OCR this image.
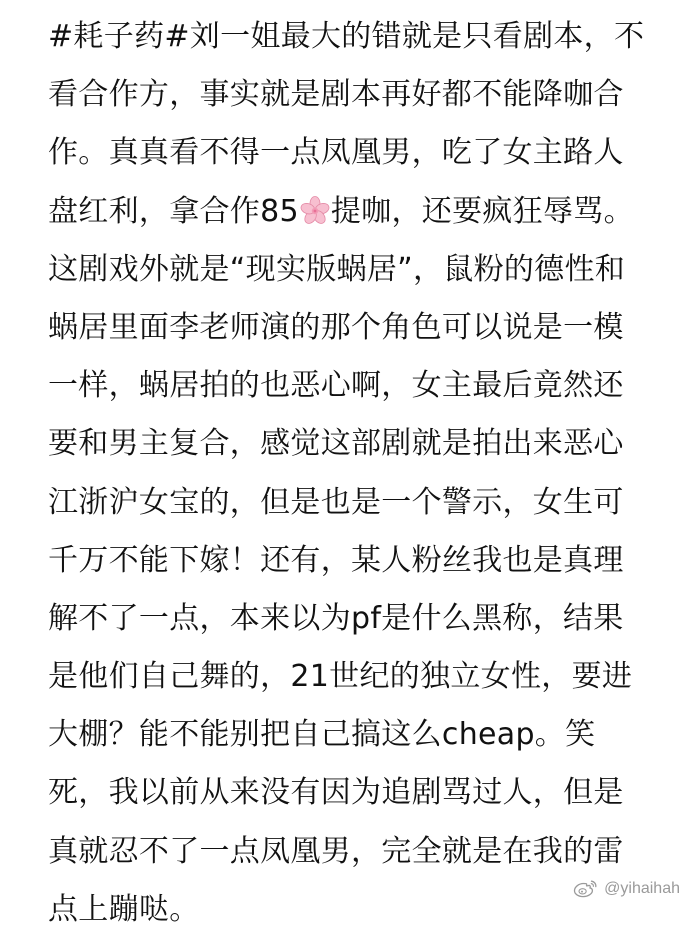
#耗子药#刘一姐最大的错就是只看剧本，不
看合作方，事实就是剧本再好都不能降咖合
作。真真看不得一点凤凰男，吃了女主路人
盘红利，拿合作85 提咖，还要疯狂辱骂。
这剧戏外就是“现实版蜗居”，鼠粉的德性和
蜗居里面李老师演的那个角色可以说是一模
一样，蜗居拍的也恶心啊，女主最后竟然还
要和男主复合，感觉这部剧就是拍出来恶心
江浙沪女宝的，但是也是一个警示，女生可
千万不能下嫁！还有，某人粉丝我也是真理
解不了一点，本来以为pf是什么黑称，结果
是他们自己舞的，21世纪的独立女性，要进
大棚？能不能别把自己搞这么cheap。笑
死，我以前从来没有因为追剧骂过人，但是
真就忍不了一点凤凰男，完全就是在我的雷
点上蹦哒。
@yihaihah
